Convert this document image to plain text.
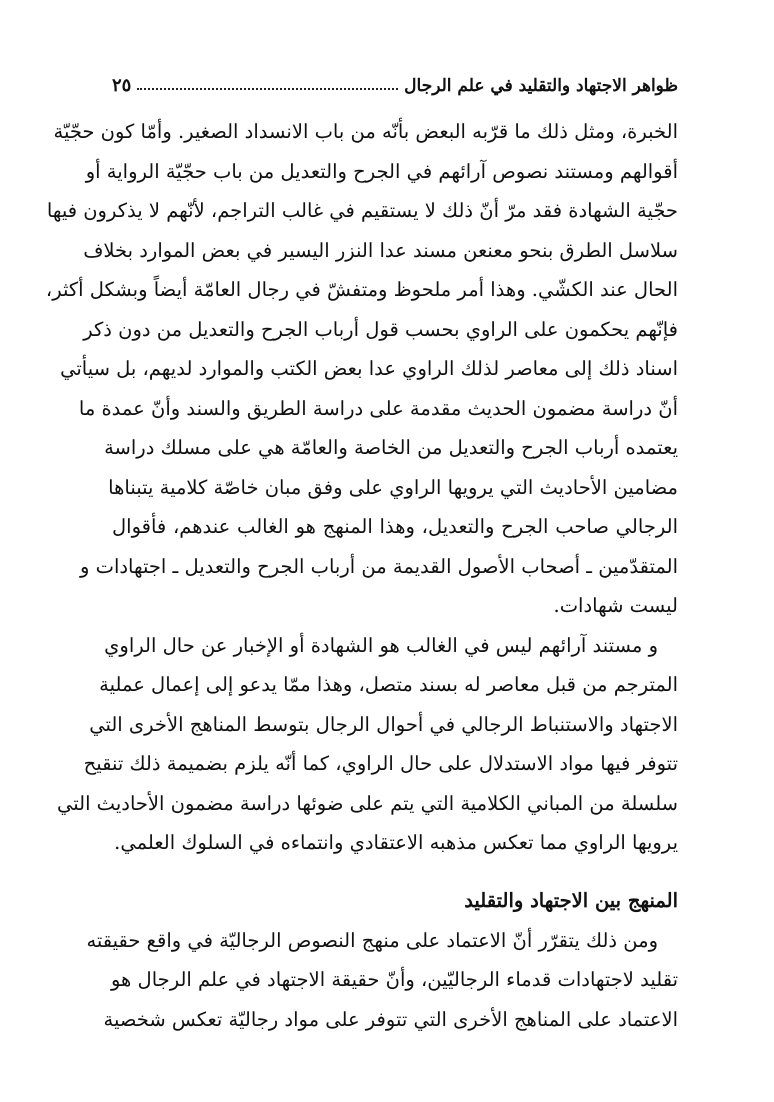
ظواهر الاجتهاد والتقليد في علم الرجال
٢٥
الخبرة، ومثل ذلك ما قرّبه البعض بأنّه من باب الانسداد الصغير. وأمّا كون حجّيّة
أقوالهم ومستند نصوص آرائهم في الجرح والتعديل من باب حجّيّة الرواية أو
حجّية الشهادة فقد مرّ أنّ ذلك لا يستقيم في غالب التراجم، لأنّهم لا يذكرون فيها
سلاسل الطرق بنحو معنعن مسند عدا النزر اليسير في بعض الموارد بخلاف
الحال عند الكشّي. وهذا أمر ملحوظ ومتفشّ في رجال العامّة أيضاً وبشكل أكثر،
فإنّهم يحكمون على الراوي بحسب قول أرباب الجرح والتعديل من دون ذكر
اسناد ذلك إلى معاصر لذلك الراوي عدا بعض الكتب والموارد لديهم، بل سيأتي
أنّ دراسة مضمون الحديث مقدمة على دراسة الطريق والسند وأنّ عمدة ما
يعتمده أرباب الجرح والتعديل من الخاصة والعامّة هي على مسلك دراسة
مضامين الأحاديث التي يرويها الراوي على وفق مبان خاصّة كلامية يتبناها
الرجالي صاحب الجرح والتعديل، وهذا المنهج هو الغالب عندهم، فأقوال
المتقدّمين ـ أصحاب الأصول القديمة من أرباب الجرح والتعديل ـ اجتهادات و
ليست شهادات.
و مستند آرائهم ليس في الغالب هو الشهادة أو الإخبار عن حال الراوي
المترجم من قبل معاصر له بسند متصل، وهذا ممّا يدعو إلى إعمال عملية
الاجتهاد والاستنباط الرجالي في أحوال الرجال بتوسط المناهج الأخرى التي
تتوفر فيها مواد الاستدلال على حال الراوي، كما أنّه يلزم بضميمة ذلك تنقيح
سلسلة من المباني الكلامية التي يتم على ضوئها دراسة مضمون الأحاديث التي
يرويها الراوي مما تعكس مذهبه الاعتقادي وانتماءه في السلوك العلمي.
المنهج بين الاجتهاد والتقليد
ومن ذلك يتقرّر أنّ الاعتماد على منهج النصوص الرجاليّة في واقع حقيقته
تقليد لاجتهادات قدماء الرجاليّين، وأنّ حقيقة الاجتهاد في علم الرجال هو
الاعتماد على المناهج الأخرى التي تتوفر على مواد رجاليّة تعكس شخصية
